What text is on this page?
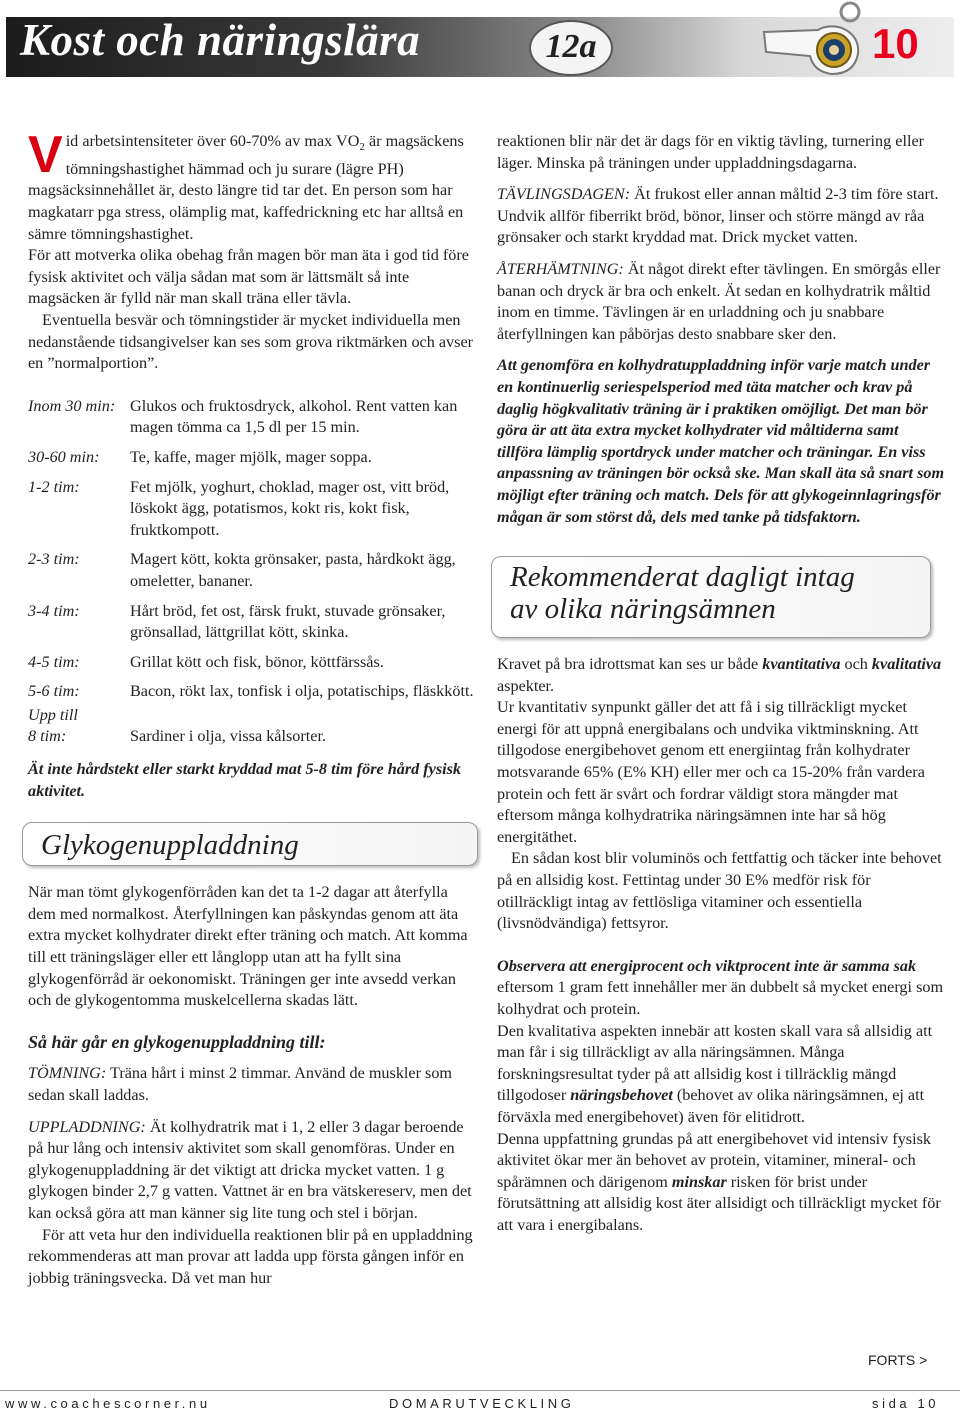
Kost och näringslära	12a	10

Vid arbetsintensiteter över 60-70% av $\max VO_2$ är magsäckens tömningshastighet hämmad och ju surare (lägre PH) magsäcksinnehållet är, desto längre tid tar det. En person som har magkatarr pga stress, olämplig mat, kaffedrickning etc har alltså en sämre tömningshastighet.

För att motverka olika obehag från magen bör man äta i god tid före fysisk aktivitet och välja sådan mat som är lättsmält så inte magsäcken är fylld när man skall träna eller tävla.

Eventuella besvär och tömningstider är mycket individuella men nedanstående tidsangivelser kan ses som grova riktmärken och avser en ”normalportion”.

Inom 30 min: Glukos och fruktosdryck, alkohol. Rent vatten kan magen tömma ca 1,5 dl per 15 min.
30-60 min:	Te, kaffe, mager mjölk, mager soppa.
1-2 tim:	Fet mjölk, yoghurt, choklad, mager ost, vitt bröd, löskokt ägg, potatismos, kokt ris, kokt fisk, fruktkompott.
2-3 tim:	Magert kött, kokta grönsaker, pasta, hårdkokt ägg, omeletter, bananer.
3-4 tim:	Hårt bröd, fet ost, färsk frukt, stuvade grönsaker, grönsallad, lättgrillat kött, skinka.
4-5 tim:	Grillat kött och fisk, bönor, köttfärssås.
5-6 tim:	Bacon, rökt lax, tonfisk i olja, potatischips, fläskkött.
Upp till
8 tim:	Sardiner i olja, vissa kålsorter.

Ät inte hårdstekt eller starkt kryddad mat 5-8 tim före hård fysisk aktivitet.

Glykogenuppladdning

När man tömt glykogenförråden kan det ta 1-2 dagar att återfylla dem med normalkost. Återfyllningen kan påskyndas genom att äta extra mycket kolhydrater direkt efter träning och match. Att komma till ett träningsläger eller ett långlopp utan att ha fyllt sina glykogenförråd är oekonomiskt. Träningen ger inte avsedd verkan och de glykogentomma muskelcellerna skadas lätt.

Så här går en glykogenuppladdning till:

TÖMNING: Träna hårt i minst 2 timmar. Använd de muskler som sedan skall laddas.

UPPLADDNING: Ät kolhydratrik mat i 1, 2 eller 3 dagar beroende på hur lång och intensiv aktivitet som skall genomföras. Under en glykogenuppladdning är det viktigt att dricka mycket vatten. 1 g glykogen binder 2,7 g vatten. Vattnet är en bra vätskereserv, men det kan också göra att man känner sig lite tung och stel i början.

För att veta hur den individuella reaktionen blir på en uppladdning rekommenderas att man provar att ladda upp första gången inför en jobbig träningsvecka. Då vet man hur

reaktionen blir när det är dags för en viktig tävling, turnering eller läger. Minska på träningen under uppladdningsdagarna.

TÄVLINGSDAGEN: Ät frukost eller annan måltid 2-3 tim före start. Undvik allför fiberrikt bröd, bönor, linser och större mängd av råa grönsaker och starkt kryddad mat. Drick mycket vatten.

ÅTERHÄMTNING: Ät något direkt efter tävlingen. En smörgås eller banan och dryck är bra och enkelt. Ät sedan en kolhydratrik måltid inom en timme. Tävlingen är en urladdning och ju snabbare återfyllningen kan påbörjas desto snabbare sker den.

Att genomföra en kolhydratuppladdning inför varje match under en kontinuerlig seriespelsperiod med täta matcher och krav på daglig högkvalitativ träning är i praktiken omöjligt. Det man bör göra är att äta extra mycket kolhydrater vid måltiderna samt tillföra lämplig sportdryck under matcher och träningar. En viss anpassning av träningen bör också ske. Man skall äta så snart som möjligt efter träning och match. Dels för att glykogeinnlagringsför mågan är som störst då, dels med tanke på tidsfaktorn.

Rekommenderat dagligt intag
av olika näringsämnen

Kravet på bra idrottsmat kan ses ur både kvantitativa och kvalitativa aspekter.

Ur kvantitativ synpunkt gäller det att få i sig tillräckligt mycket energi för att uppnå energibalans och undvika viktminskning. Att tillgodose energibehovet genom ett energiintag från kolhydrater motsvarande 65% (E% KH) eller mer och ca 15-20% från vardera protein och fett är svårt och fordrar väldigt stora mängder mat eftersom många kolhydratrika näringsämnen inte har så hög energitäthet.

En sådan kost blir voluminös och fettfattig och täcker inte behovet på en allsidig kost. Fettintag under 30 E% medför risk för otillräckligt intag av fettlösliga vitaminer och essentiella (livsnödvändiga) fettsyror.

Observera att energiprocent och viktprocent inte är samma sak eftersom 1 gram fett innehåller mer än dubbelt så mycket energi som kolhydrat och protein.

Den kvalitativa aspekten innebär att kosten skall vara så allsidig att man får i sig tillräckligt av alla näringsämnen. Många forskningsresultat tyder på att allsidig kost i tillräcklig mängd tillgodoser näringsbehovet (behovet av olika näringsämnen, ej att förväxla med energibehovet) även för elitidrott.

Denna uppfattning grundas på att energibehovet vid intensiv fysisk aktivitet ökar mer än behovet av protein, vitaminer, mineral- och spårämnen och därigenom minskar risken för brist under förutsättning att allsidig kost äter allsidigt och tillräckligt mycket för att vara i energibalans.

FORTS >
www.coachescorner.nu	DOMARUTVECKLING	sida 10
